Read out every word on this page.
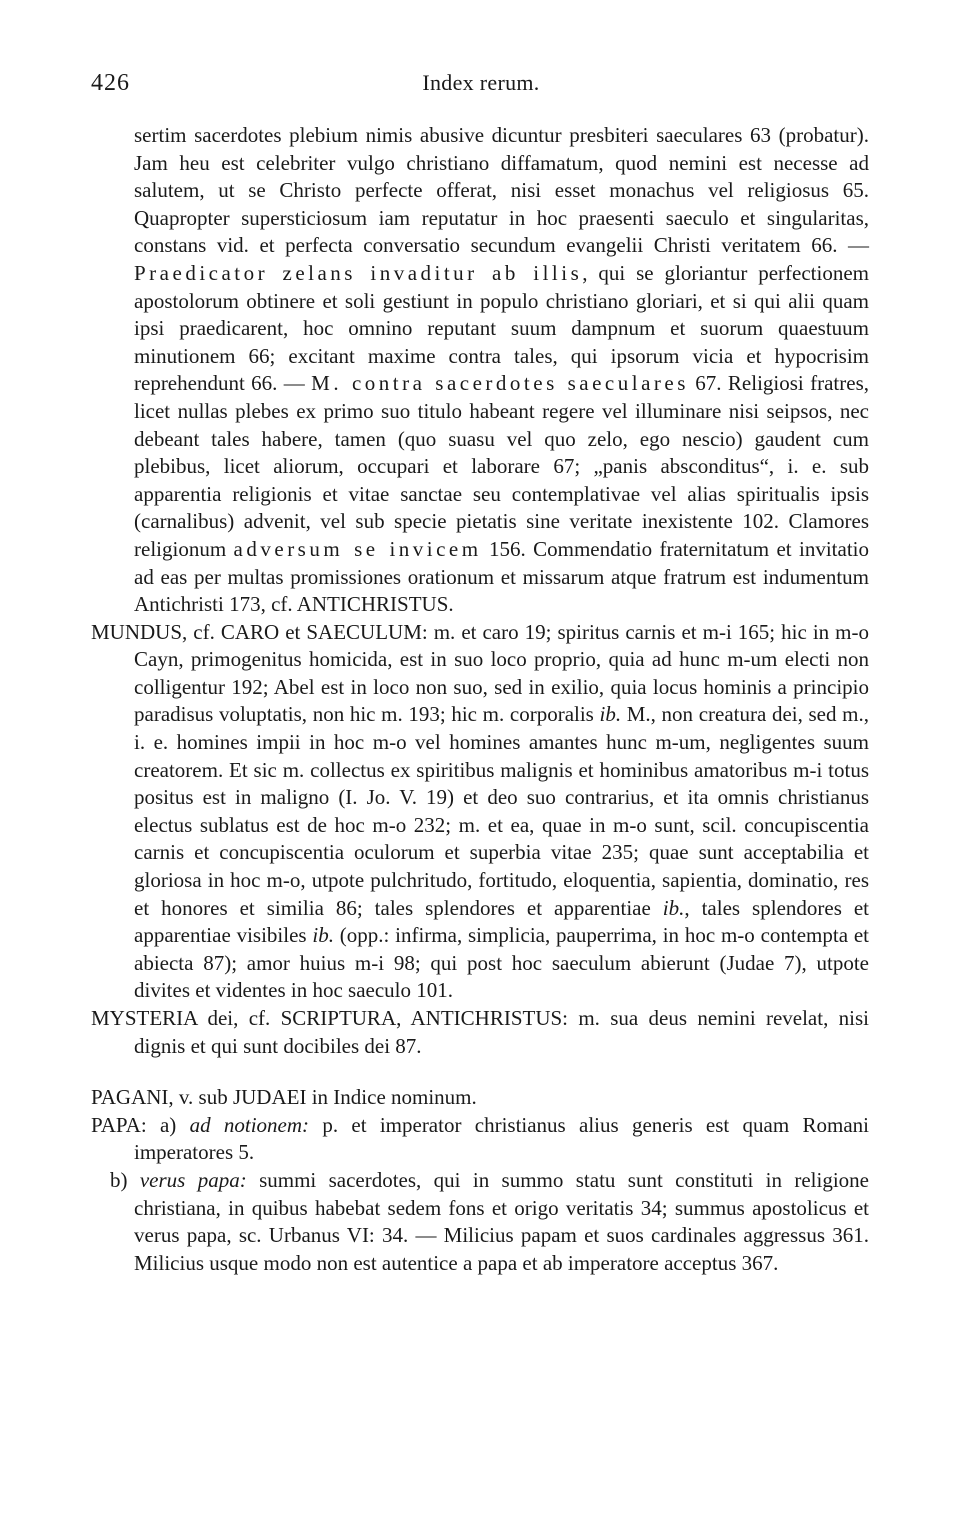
426	Index rerum.

sertim sacerdotes plebium nimis abusive dicuntur presbiteri saeculares 63 (probatur). Jam heu est celebriter vulgo christiano diffamatum, quod nemini est necesse ad salutem, ut se Christo perfecte offerat, nisi esset monachus vel religiosus 65. Quapropter supersticiosum iam reputatur in hoc praesenti saeculo et singularitas, constans vid. et perfecta conversatio secundum evangelii Christi veritatem 66. — Praedicator zelans invaditur ab illis, qui se gloriantur perfectionem apostolorum obtinere et soli gestiunt in populo christiano gloriari, et si qui alii quam ipsi praedicarent, hoc omnino reputant suum dampnum et suorum quaestuum minutionem 66; excitant maxime contra tales, qui ipsorum vicia et hypocrisim reprehendunt 66. — M. contra sacerdotes saeculares 67. Religiosi fratres, licet nullas plebes ex primo suo titulo habeant regere vel illuminare nisi seipsos, nec debeant tales habere, tamen (quo suasu vel quo zelo, ego nescio) gaudent cum plebibus, licet aliorum, occupari et laborare 67; „panis absconditus“, i. e. sub apparentia religionis et vitae sanctae seu contemplativae vel alias spiritualis ipsis (carnalibus) advenit, vel sub specie pietatis sine veritate inexistente 102. Clamores religionum adversum se invicem 156. Commendatio fraternitatum et invitatio ad eas per multas promissiones orationum et missarum atque fratrum est indumentum Antichristi 173, cf. ANTICHRISTUS.

MUNDUS, cf. CARO et SAECULUM: m. et caro 19; spiritus carnis et m-i 165; hic in m-o Cayn, primogenitus homicida, est in suo loco proprio, quia ad hunc m-um electi non colligentur 192; Abel est in loco non suo, sed in exilio, quia locus hominis a principio paradisus voluptatis, non hic m. 193; hic m. corporalis ib. M., non creatura dei, sed m., i. e. homines impii in hoc m-o vel homines amantes hunc m-um, negligentes suum creatorem. Et sic m. collectus ex spiritibus malignis et hominibus amatoribus m-i totus positus est in maligno (I. Jo. V. 19) et deo suo contrarius, et ita omnis christianus electus sublatus est de hoc m-o 232; m. et ea, quae in m-o sunt, scil. concupiscentia carnis et concupiscentia oculorum et superbia vitae 235; quae sunt acceptabilia et gloriosa in hoc m-o, utpote pulchritudo, fortitudo, eloquentia, sapientia, dominatio, res et honores et similia 86; tales splendores et apparentiae ib., tales splendores et apparentiae visibiles ib. (opp.: infirma, simplicia, pauperrima, in hoc m-o contempta et abiecta 87); amor huius m-i 98; qui post hoc saeculum abierunt (Judae 7), utpote divites et videntes in hoc saeculo 101.

MYSTERIA dei, cf. SCRIPTURA, ANTICHRISTUS: m. sua deus nemini revelat, nisi dignis et qui sunt docibiles dei 87.

PAGANI, v. sub JUDAEI in Indice nominum.

PAPA: a) ad notionem: p. et imperator christianus alius generis est quam Romani imperatores 5.

b) verus papa: summi sacerdotes, qui in summo statu sunt constituti in religione christiana, in quibus habebat sedem fons et origo veritatis 34; summus apostolicus et verus papa, sc. Urbanus VI: 34. — Milicius papam et suos cardinales aggressus 361. Milicius usque modo non est autentice a papa et ab imperatore acceptus 367.
